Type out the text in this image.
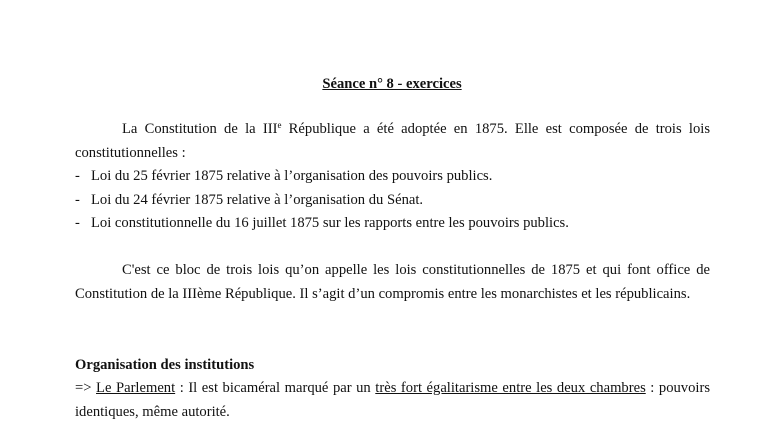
Séance n° 8 - exercices
La Constitution de la IIIe République a été adoptée en 1875. Elle est composée de trois lois constitutionnelles :
- Loi du 25 février 1875 relative à l’organisation des pouvoirs publics.
- Loi du 24 février 1875 relative à l’organisation du Sénat.
- Loi constitutionnelle du 16 juillet 1875 sur les rapports entre les pouvoirs publics.
C'est ce bloc de trois lois qu’on appelle les lois constitutionnelles de 1875 et qui font office de Constitution de la IIIème République. Il s’agit d’un compromis entre les monarchistes et les républicains.
Organisation des institutions
=> Le Parlement : Il est bicaméral marqué par un très fort égalitarisme entre les deux chambres : pouvoirs identiques, même autorité.
